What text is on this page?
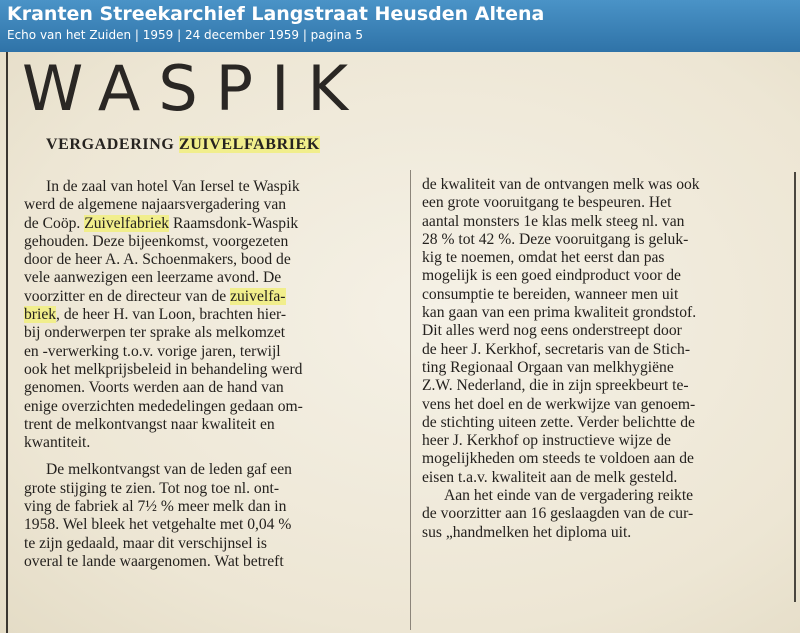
Kranten Streekarchief Langstraat Heusden Altena
Echo van het Zuiden | 1959 | 24 december 1959 | pagina 5
WASPIK
VERGADERING ZUIVELFABRIEK
In de zaal van hotel Van Iersel te Waspik
werd de algemene najaarsvergadering van
de Coöp. Zuivelfabriek Raamsdonk-Waspik
gehouden. Deze bijeenkomst, voorgezeten
door de heer A. A. Schoenmakers, bood de
vele aanwezigen een leerzame avond. De
voorzitter en de directeur van de zuivelfa-
briek, de heer H. van Loon, brachten hier-
bij onderwerpen ter sprake als melkomzet
en -verwerking t.o.v. vorige jaren, terwijl
ook het melkprijsbeleid in behandeling werd
genomen. Voorts werden aan de hand van
enige overzichten mededelingen gedaan om-
trent de melkontvangst naar kwaliteit en
kwantiteit.
De melkontvangst van de leden gaf een
grote stijging te zien. Tot nog toe nl. ont-
ving de fabriek al 7½ % meer melk dan in
1958. Wel bleek het vetgehalte met 0,04 %
te zijn gedaald, maar dit verschijnsel is
overal te lande waargenomen. Wat betreft
de kwaliteit van de ontvangen melk was ook
een grote vooruitgang te bespeuren. Het
aantal monsters 1e klas melk steeg nl. van
28 % tot 42 %. Deze vooruitgang is geluk-
kig te noemen, omdat het eerst dan pas
mogelijk is een goed eindproduct voor de
consumptie te bereiden, wanneer men uit
kan gaan van een prima kwaliteit grondstof.
Dit alles werd nog eens onderstreept door
de heer J. Kerkhof, secretaris van de Stich-
ting Regionaal Orgaan van melkhygiëne
Z.W. Nederland, die in zijn spreekbeurt te-
vens het doel en de werkwijze van genoem-
de stichting uiteen zette. Verder belichtte de
heer J. Kerkhof op instructieve wijze de
mogelijkheden om steeds te voldoen aan de
eisen t.a.v. kwaliteit aan de melk gesteld.
Aan het einde van de vergadering reikte
de voorzitter aan 16 geslaagden van de cur-
sus „handmelken het diploma uit.
